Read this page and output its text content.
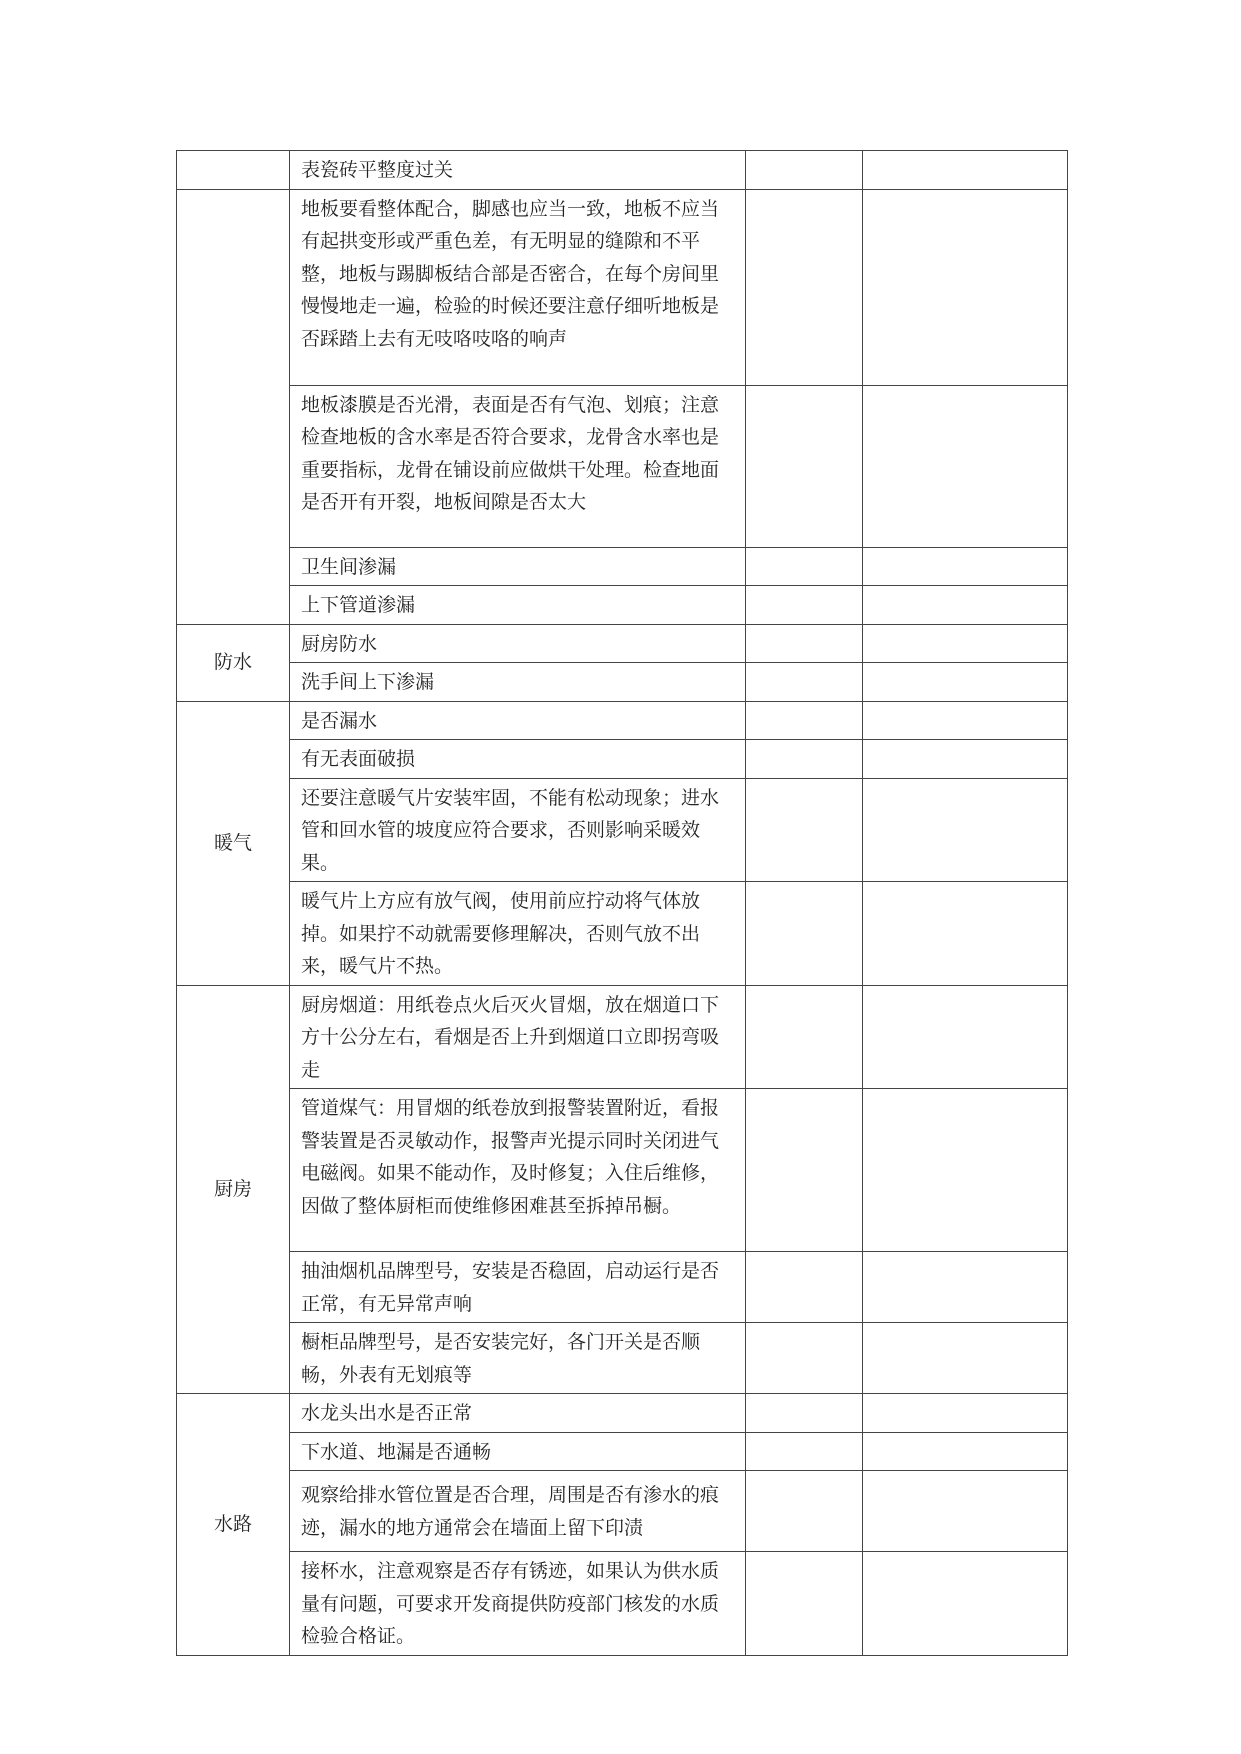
	表瓷砖平整度过关		
	地板要看整体配合，脚感也应当一致，地板不应当有起拱变形或严重色差，有无明显的缝隙和不平整，地板与踢脚板结合部是否密合，在每个房间里慢慢地走一遍，检验的时候还要注意仔细听地板是否踩踏上去有无吱咯吱咯的响声		
	地板漆膜是否光滑，表面是否有气泡、划痕；注意检查地板的含水率是否符合要求，龙骨含水率也是重要指标，龙骨在铺设前应做烘干处理。检查地面是否开有开裂，地板间隙是否太大		
	卫生间渗漏		
	上下管道渗漏		
防水	厨房防水		
	洗手间上下渗漏		
暖气	是否漏水		
	有无表面破损		
	还要注意暖气片安装牢固，不能有松动现象；进水管和回水管的坡度应符合要求，否则影响采暖效果。		
	暖气片上方应有放气阀，使用前应拧动将气体放掉。如果拧不动就需要修理解决，否则气放不出来，暖气片不热。		
厨房	厨房烟道：用纸卷点火后灭火冒烟，放在烟道口下方十公分左右，看烟是否上升到烟道口立即拐弯吸走		
	管道煤气：用冒烟的纸卷放到报警装置附近，看报警装置是否灵敏动作，报警声光提示同时关闭进气电磁阀。如果不能动作，及时修复；入住后维修，因做了整体厨柜而使维修困难甚至拆掉吊橱。		
	抽油烟机品牌型号，安装是否稳固，启动运行是否正常，有无异常声响		
	橱柜品牌型号，是否安装完好，各门开关是否顺畅，外表有无划痕等		
水路	水龙头出水是否正常		
	下水道、地漏是否通畅		
	观察给排水管位置是否合理，周围是否有渗水的痕迹，漏水的地方通常会在墙面上留下印渍		
	接杯水，注意观察是否存有锈迹，如果认为供水质量有问题，可要求开发商提供防疫部门核发的水质检验合格证。		
